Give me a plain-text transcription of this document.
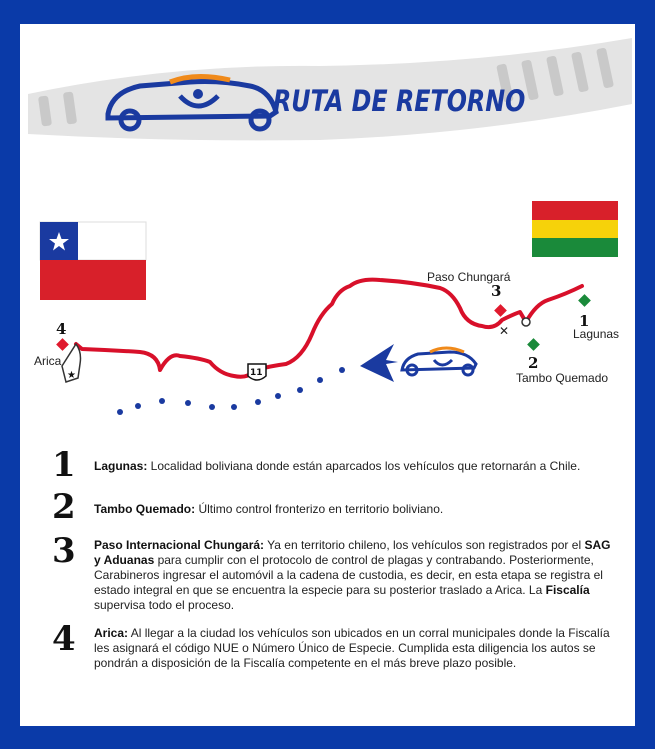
RUTA DE RETORNO
✕
★	11
Paso Chungará
3
1
Lagunas
2
Tambo Quemado
4
Arica
1 Lagunas: Localidad boliviana donde están aparcados los vehículos que retornarán a Chile.
2 Tambo Quemado: Último control fronterizo en territorio boliviano.
3 Paso Internacional Chungará: Ya en territorio chileno, los vehículos son registrados por el SAG y Aduanas para cumplir con el protocolo de control de plagas y contrabando. Posteriormente, Carabineros ingresar el automóvil a la cadena de custodia, es decir, en esta etapa se registra el estado integral en que se encuentra la especie para su posterior traslado a Arica. La Fiscalía supervisa todo el proceso.
4 Arica: Al llegar a la ciudad los vehículos son ubicados en un corral municipales donde la Fiscalía les asignará el código NUE o Número Único de Especie. Cumplida esta diligencia los autos se pondrán a disposición de la Fiscalía competente en el más breve plazo posible.
